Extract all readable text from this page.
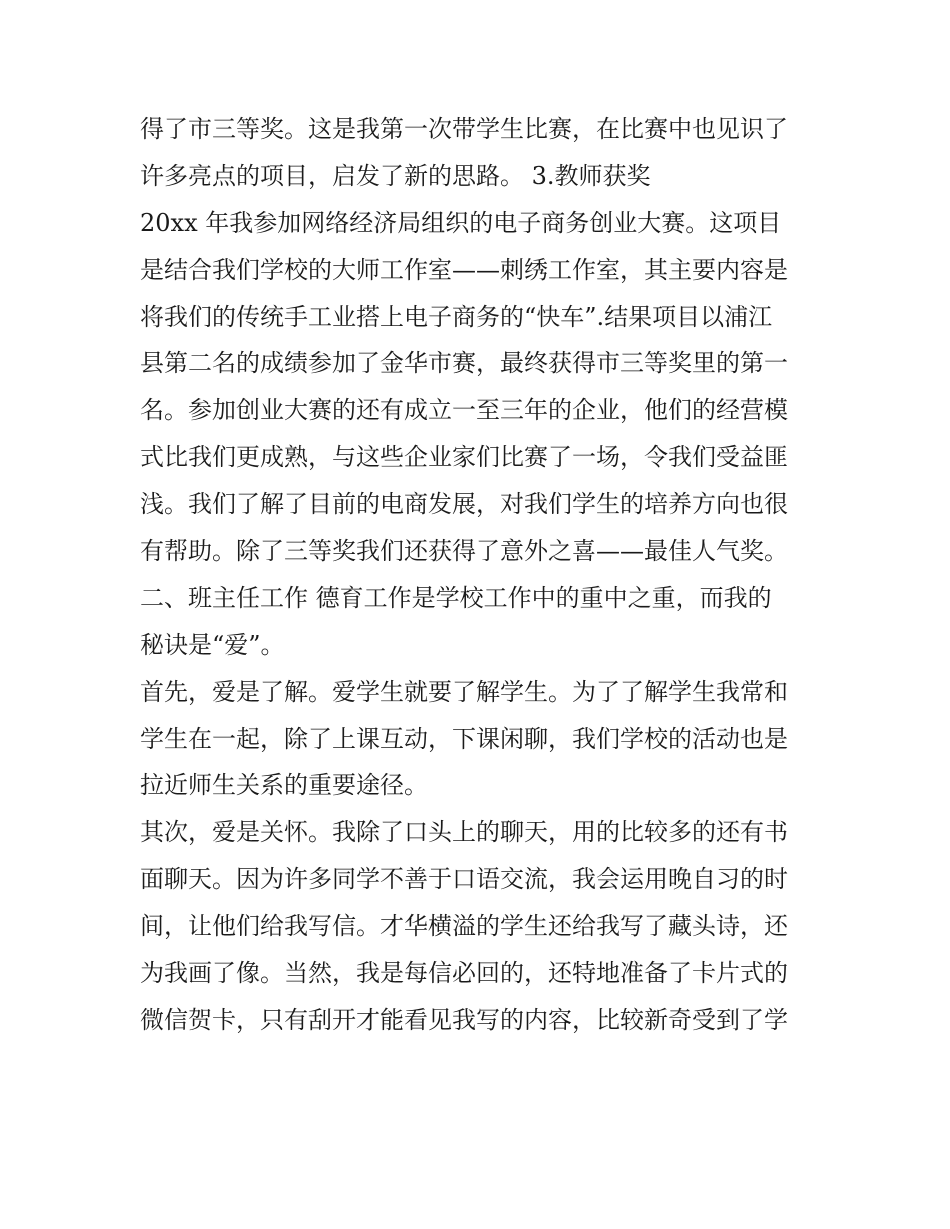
得了市三等奖。这是我第一次带学生比赛，在比赛中也见识了
许多亮点的项目，启发了新的思路。 3.教师获奖
20xx 年我参加网络经济局组织的电子商务创业大赛。这项目
是结合我们学校的大师工作室——刺绣工作室，其主要内容是
将我们的传统手工业搭上电子商务的“快车”.结果项目以浦江
县第二名的成绩参加了金华市赛，最终获得市三等奖里的第一
名。参加创业大赛的还有成立一至三年的企业，他们的经营模
式比我们更成熟，与这些企业家们比赛了一场，令我们受益匪
浅。我们了解了目前的电商发展，对我们学生的培养方向也很
有帮助。除了三等奖我们还获得了意外之喜——最佳人气奖。
二、班主任工作 德育工作是学校工作中的重中之重，而我的
秘诀是“爱”。
首先，爱是了解。爱学生就要了解学生。为了了解学生我常和
学生在一起，除了上课互动，下课闲聊，我们学校的活动也是
拉近师生关系的重要途径。
其次，爱是关怀。我除了口头上的聊天，用的比较多的还有书
面聊天。因为许多同学不善于口语交流，我会运用晚自习的时
间，让他们给我写信。才华横溢的学生还给我写了藏头诗，还
为我画了像。当然，我是每信必回的，还特地准备了卡片式的
微信贺卡，只有刮开才能看见我写的内容，比较新奇受到了学
